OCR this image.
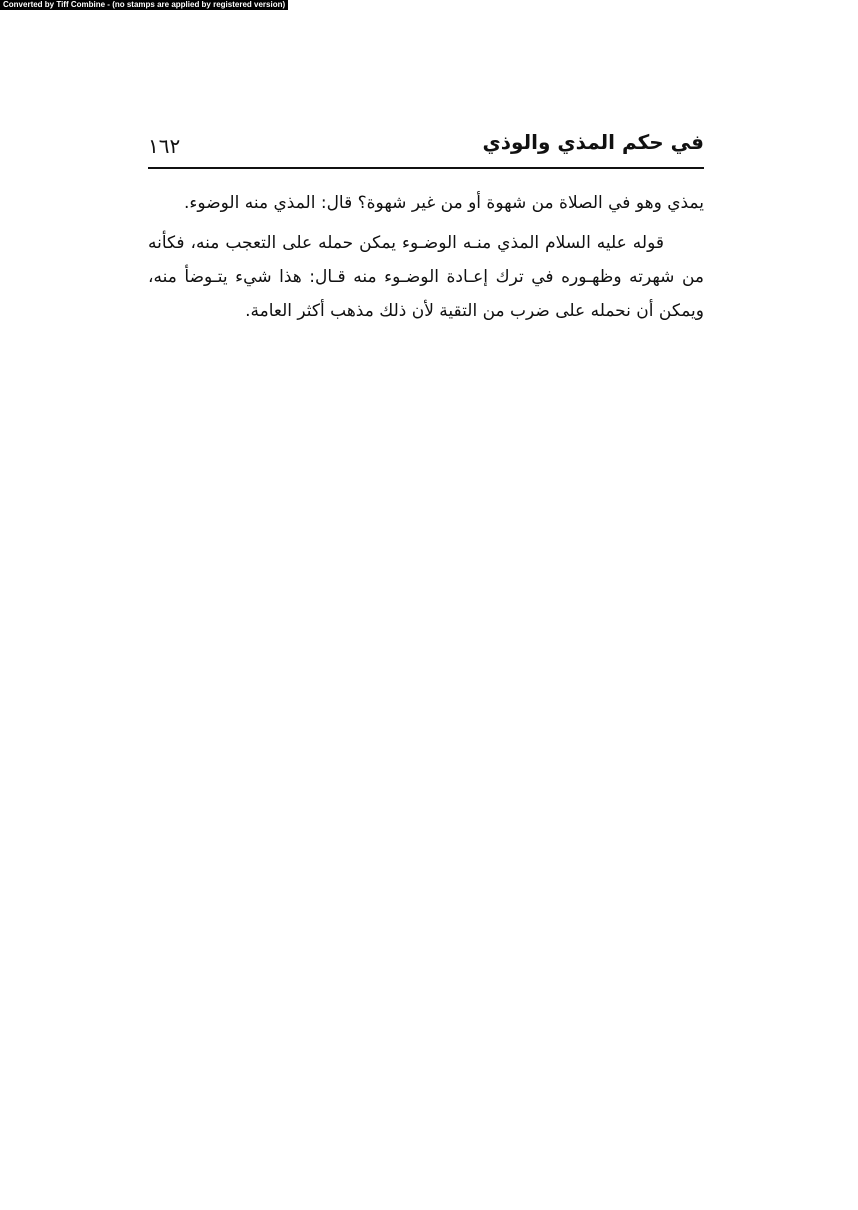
Converted by Tiff Combine - (no stamps are applied by registered version)
١٦٢	في حكم المذي والوذي

يمذي وهو في الصلاة من شهوة أو من غير شهوة؟ قال: المذي منه الوضوء.

قوله عليه السلام المذي منـه الوضـوء يمكن حمله على التعجب منه، فكأنه من شهرته وظهـوره في ترك إعـادة الوضـوء منه قـال: هذا شيء يتـوضأ منه، ويمكن أن نحمله على ضرب من التقية لأن ذلك مذهب أكثر العامة.
